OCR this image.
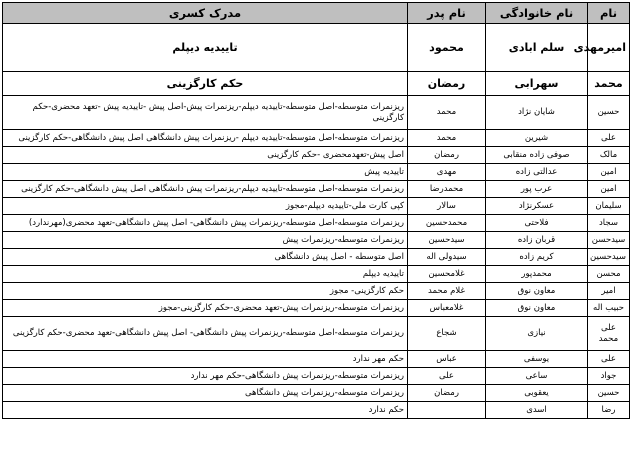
نام	نام خانوادگی	نام پدر	مدرک کسری
امیرمهدی	سلم ابادی	محمود	تاییدیه دیپلم
محمد	سهرابی	رمضان	حکم کارگزینی
حسین	شایان نژاد	محمد	ریزنمرات متوسطه-اصل متوسطه-تاییدیه دیپلم-ریزنمرات پیش-اصل پیش -تاییدیه پیش -تعهد محضری-حکم کارگزینی
علی	شیرین	محمد	ریزنمرات متوسطه-اصل متوسطه-تاییدیه دیپلم -ریزنمرات پیش دانشگاهی اصل پیش دانشگاهی-حکم کارگزینی
مالک	صوفی زاده منقابی	رمضان	اصل پیش-تعهدمحضری -حکم کارگزینی
امین	عدالتی زاده	مهدی	تاییدیه پیش
امین	عرب پور	محمدرضا	ریزنمرات متوسطه-اصل متوسطه-تاییدیه دیپلم-ریزنمرات پیش دانشگاهی اصل پیش دانشگاهی-حکم کارگزینی
سلیمان	عسکرنژاد	سالار	کپی کارت ملی-تاییدیه دیپلم-مجوز
سجاد	فلاحتی	محمدحسین	ریزنمرات متوسطه-اصل متوسطه-ریزنمرات پیش دانشگاهی- اصل پیش دانشگاهی-تعهد محضری(مهرندارد)
سیدحسن	قربان زاده	سیدحسین	ریزنمرات متوسطه-ریزنمرات پیش
سیدحسین	کریم زاده	سیدولی اله	اصل متوسطه - اصل پیش دانشگاهی
محسن	محمدپور	غلامحسین	تاییدیه دیپلم
امیر	معاون نوق	غلام محمد	حکم کارگزینی- مجوز
حبیب اله	معاون نوق	غلامعباس	ریزنمرات متوسطه-ریزنمرات پیش-تعهد محضری-حکم کارگزینی-مجوز
علی محمد	نیازی	شجاع	ریزنمرات متوسطه-اصل متوسطه-ریزنمرات پیش دانشگاهی- اصل پیش دانشگاهی-تعهد محضری-حکم کارگزینی
علی	یوسفی	عباس	حکم مهر ندارد
جواد	ساعی	علی	ریزنمرات متوسطه-ریزنمرات پیش دانشگاهی-حکم مهر ندارد
حسین	یعقوبی	رمضان	ریزنمرات متوسطه-ریزنمرات پیش دانشگاهی
رضا	اسدی		حکم ندارد
